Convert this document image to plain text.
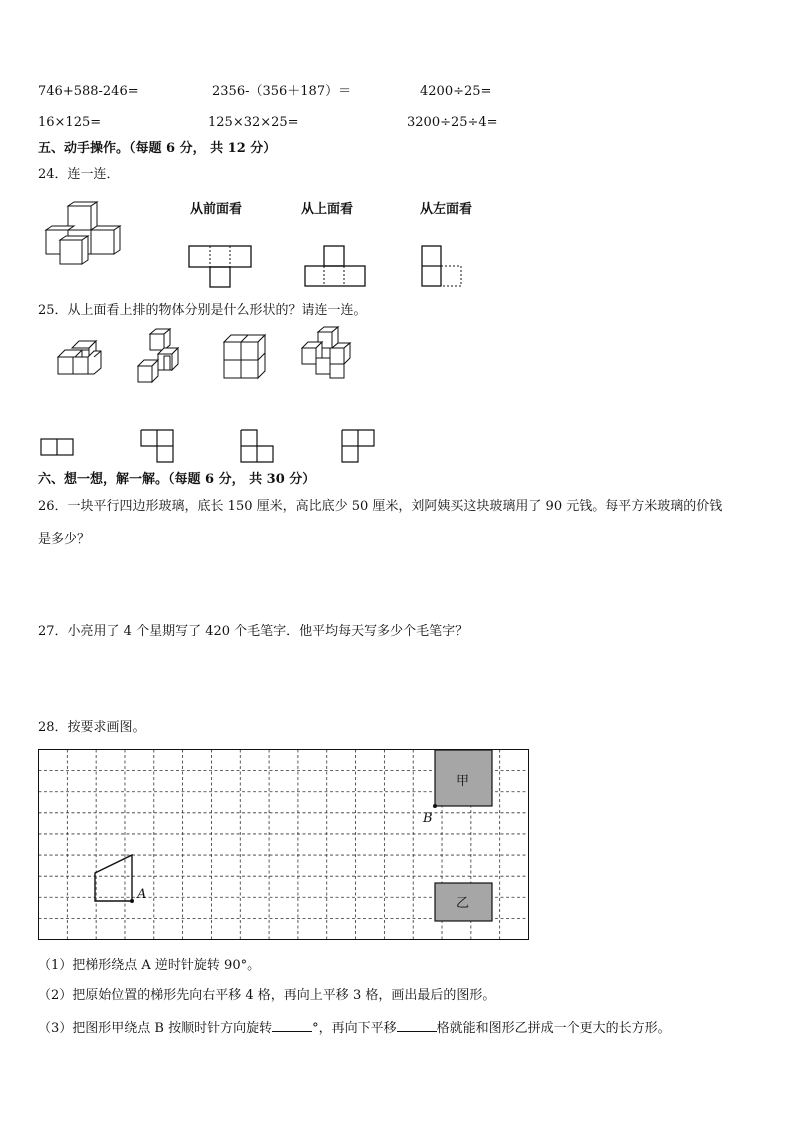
746+588-246=	2356-（356＋187）＝	4200÷25=
16×125=	125×32×25=	3200÷25÷4=
五、动手操作。（每题 6 分， 共 12 分）
24．连一连．
从前面看	从上面看	从左面看
25．从上面看上排的物体分别是什么形状的？请连一连。
六、想一想，解一解。（每题 6 分， 共 30 分）
26．一块平行四边形玻璃，底长 150 厘米，高比底少 50 厘米，刘阿姨买这块玻璃用了 90 元钱。每平方米玻璃的价钱
是多少？
27．小亮用了 4 个星期写了 420 个毛笔字．他平均每天写多少个毛笔字？
28．按要求画图。
甲
B
乙
A
（1）把梯形绕点 A 逆时针旋转 90°。
（2）把原始位置的梯形先向右平移 4 格，再向上平移 3 格，画出最后的图形。
（3）把图形甲绕点 B 按顺时针方向旋转	°，再向下平移	格就能和图形乙拼成一个更大的长方形。
